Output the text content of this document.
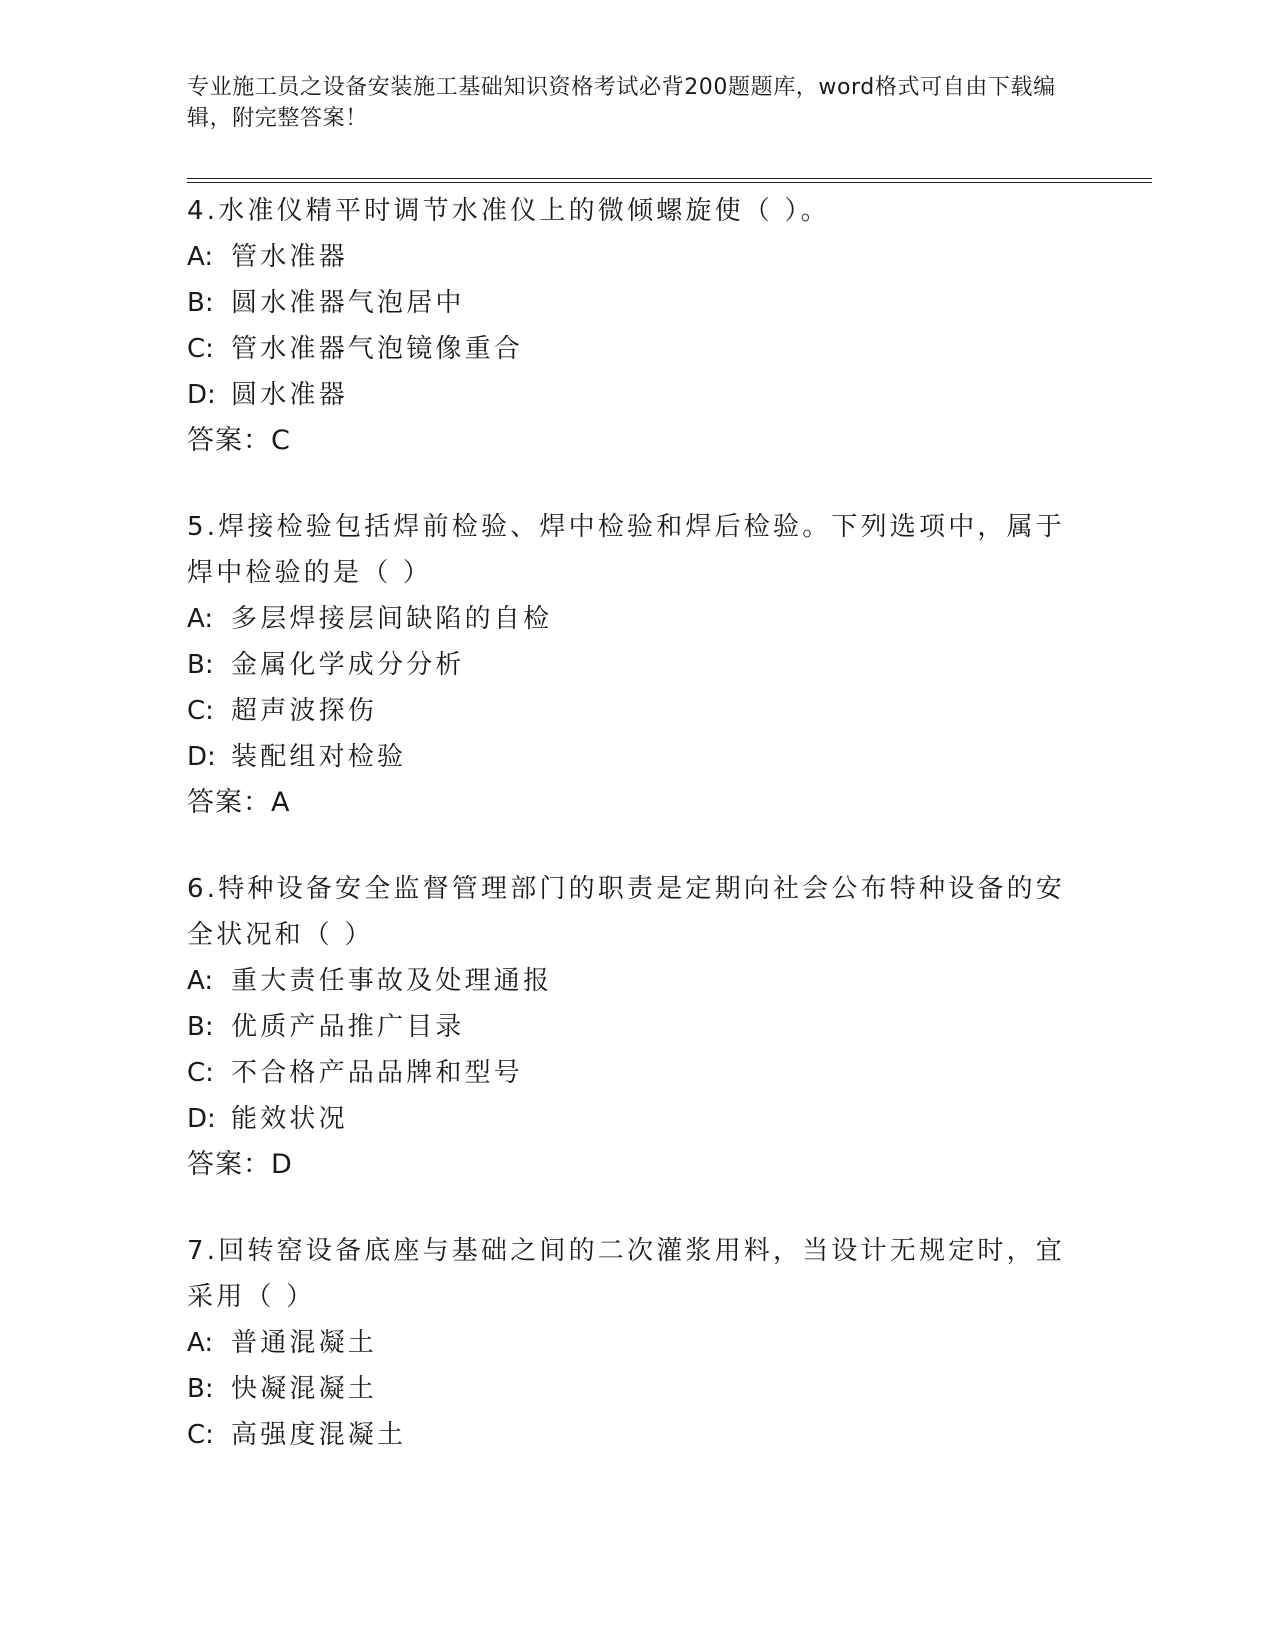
专业施工员之设备安装施工基础知识资格考试必背200题题库，word格式可自由下载编辑，附完整答案！

4.水准仪精平时调节水准仪上的微倾螺旋使（ ）。

A: 管水准器

B: 圆水准器气泡居中

C: 管水准器气泡镜像重合

D: 圆水准器

答案：C

5.焊接检验包括焊前检验、焊中检验和焊后检验。下列选项中，属于焊中检验的是（ ）

A: 多层焊接层间缺陷的自检

B: 金属化学成分分析

C: 超声波探伤

D: 装配组对检验

答案：A

6.特种设备安全监督管理部门的职责是定期向社会公布特种设备的安全状况和（ ）

A: 重大责任事故及处理通报

B: 优质产品推广目录

C: 不合格产品品牌和型号

D: 能效状况

答案：D

7.回转窑设备底座与基础之间的二次灌浆用料，当设计无规定时，宜采用（ ）

A: 普通混凝土

B: 快凝混凝土

C: 高强度混凝土
